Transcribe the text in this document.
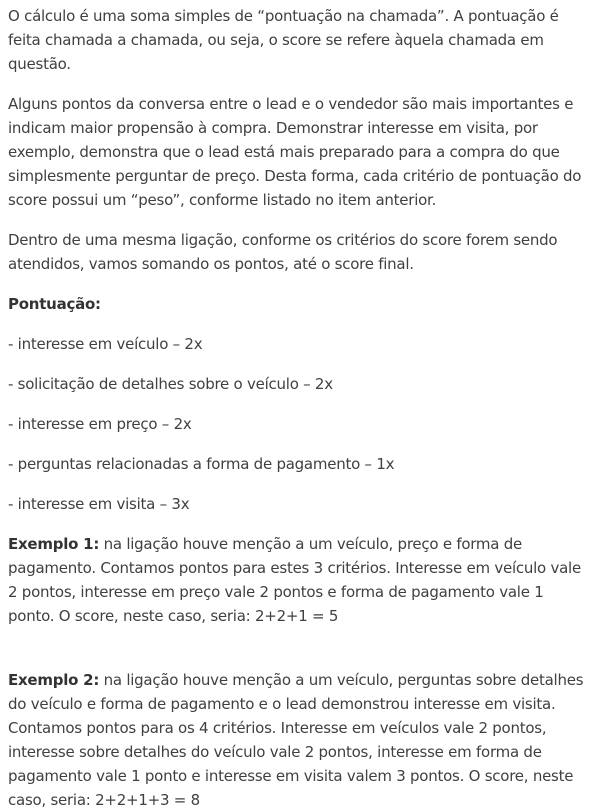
O cálculo é uma soma simples de “pontuação na chamada”. A pontuação é feita chamada a chamada, ou seja, o score se refere àquela chamada em questão.

Alguns pontos da conversa entre o lead e o vendedor são mais importantes e indicam maior propensão à compra. Demonstrar interesse em visita, por exemplo, demonstra que o lead está mais preparado para a compra do que simplesmente perguntar de preço. Desta forma, cada critério de pontuação do score possui um “peso”, conforme listado no item anterior.

Dentro de uma mesma ligação, conforme os critérios do score forem sendo atendidos, vamos somando os pontos, até o score final.

Pontuação:

- interesse em veículo – 2x

- solicitação de detalhes sobre o veículo – 2x

- interesse em preço – 2x

- perguntas relacionadas a forma de pagamento – 1x

- interesse em visita – 3x

Exemplo 1: na ligação houve menção a um veículo, preço e forma de pagamento. Contamos pontos para estes 3 critérios. Interesse em veículo vale 2 pontos, interesse em preço vale 2 pontos e forma de pagamento vale 1 ponto. O score, neste caso, seria: 2+2+1 = 5

Exemplo 2: na ligação houve menção a um veículo, perguntas sobre detalhes do veículo e forma de pagamento e o lead demonstrou interesse em visita. Contamos pontos para os 4 critérios. Interesse em veículos vale 2 pontos, interesse sobre detalhes do veículo vale 2 pontos, interesse em forma de pagamento vale 1 ponto e interesse em visita valem 3 pontos. O score, neste caso, seria: 2+2+1+3 = 8
